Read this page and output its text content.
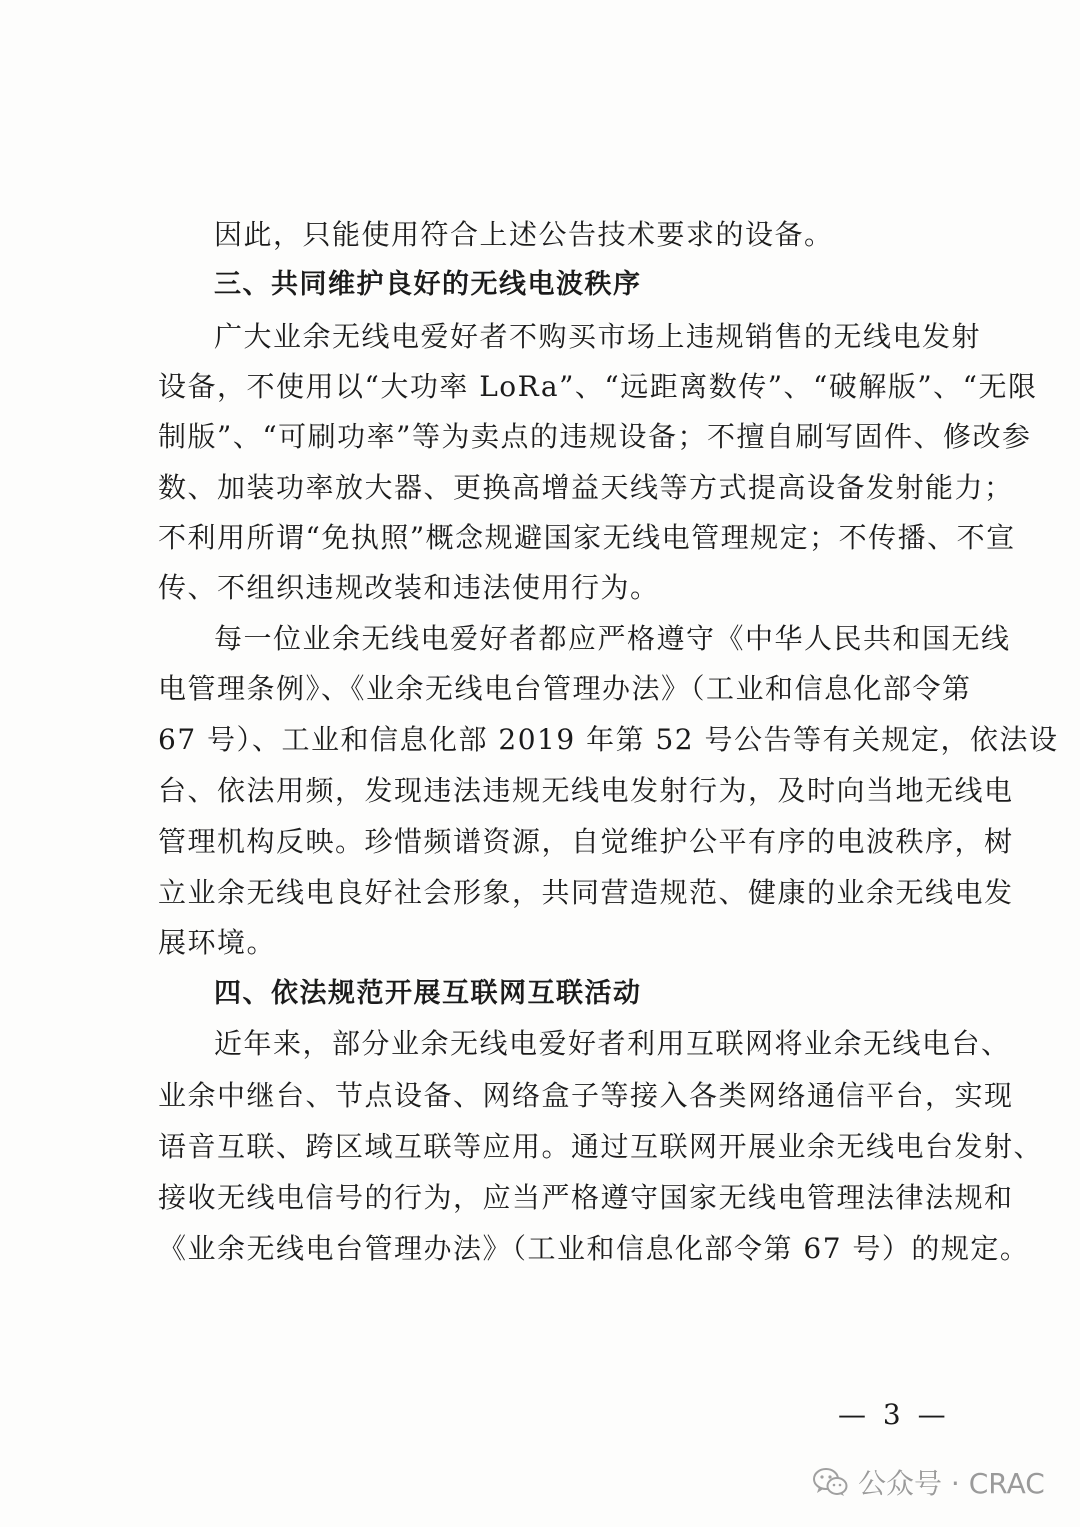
因此，只能使用符合上述公告技术要求的设备。
三、共同维护良好的无线电波秩序
广大业余无线电爱好者不购买市场上违规销售的无线电发射
设备，不使用以“大功率 LoRa”、“远距离数传”、“破解版”、“无限
制版”、“可刷功率”等为卖点的违规设备；不擅自刷写固件、修改参
数、加装功率放大器、更换高增益天线等方式提高设备发射能力；
不利用所谓“免执照”概念规避国家无线电管理规定；不传播、不宣
传、不组织违规改装和违法使用行为。
每一位业余无线电爱好者都应严格遵守《中华人民共和国无线
电管理条例》、《业余无线电台管理办法》（工业和信息化部令第
67 号）、工业和信息化部 2019 年第 52 号公告等有关规定，依法设
台、依法用频，发现违法违规无线电发射行为，及时向当地无线电
管理机构反映。珍惜频谱资源，自觉维护公平有序的电波秩序，树
立业余无线电良好社会形象，共同营造规范、健康的业余无线电发
展环境。
四、依法规范开展互联网互联活动
近年来，部分业余无线电爱好者利用互联网将业余无线电台、
业余中继台、节点设备、网络盒子等接入各类网络通信平台，实现
语音互联、跨区域互联等应用。通过互联网开展业余无线电台发射、
接收无线电信号的行为，应当严格遵守国家无线电管理法律法规和
《业余无线电台管理办法》（工业和信息化部令第 67 号）的规定。
— 3 —
公众号 · CRAC
